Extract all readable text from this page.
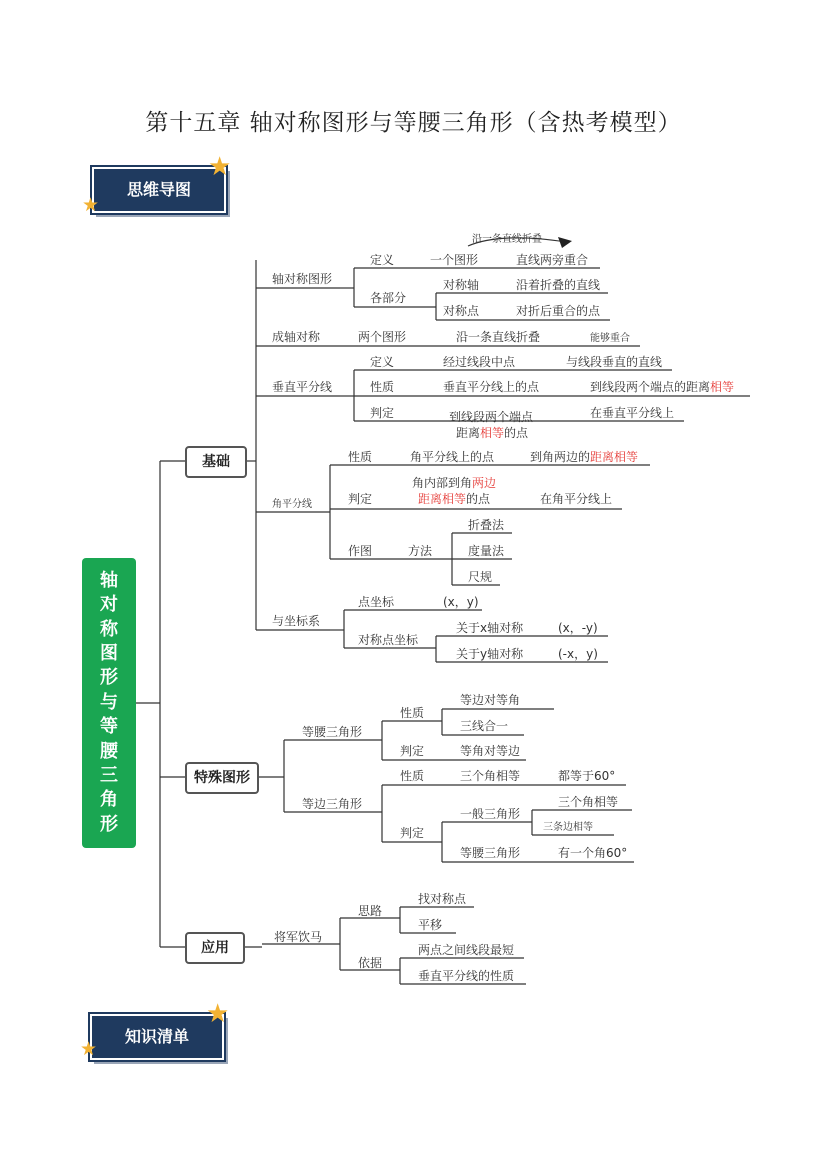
第十五章 轴对称图形与等腰三角形（含热考模型）
思维导图
★
★
知识清单
★
★
轴
对
称
图
形
与
等
腰
三
角
形
基础
特殊图形
应用
轴对称图形
定义
沿一条直线折叠
一个图形	直线两旁重合
各部分
对称轴	沿着折叠的直线
对称点	对折后重合的点
成轴对称	两个图形	沿一条直线折叠	能够重合
垂直平分线
定义	经过线段中点	与线段垂直的直线
性质	垂直平分线上的点	到线段两个端点的距离相等
判定	到线段两个端点
距离相等的点
在垂直平分线上
角平分线
性质	角平分线上的点	到角两边的距离相等
判定
角内部到角两边
距离相等的点	在角平分线上
作图	方法
折叠法
度量法
尺规
与坐标系
点坐标	(x，y)
对称点坐标
关于x轴对称	(x，-y)
关于y轴对称	(-x，y)
等腰三角形
性质
等边对等角
三线合一
判定	等角对等边
等边三角形
性质	三个角相等	都等于60°
判定
一般三角形
三个角相等
三条边相等
等腰三角形	有一个角60°
将军饮马
思路
找对称点
平移
依据
两点之间线段最短
垂直平分线的性质
